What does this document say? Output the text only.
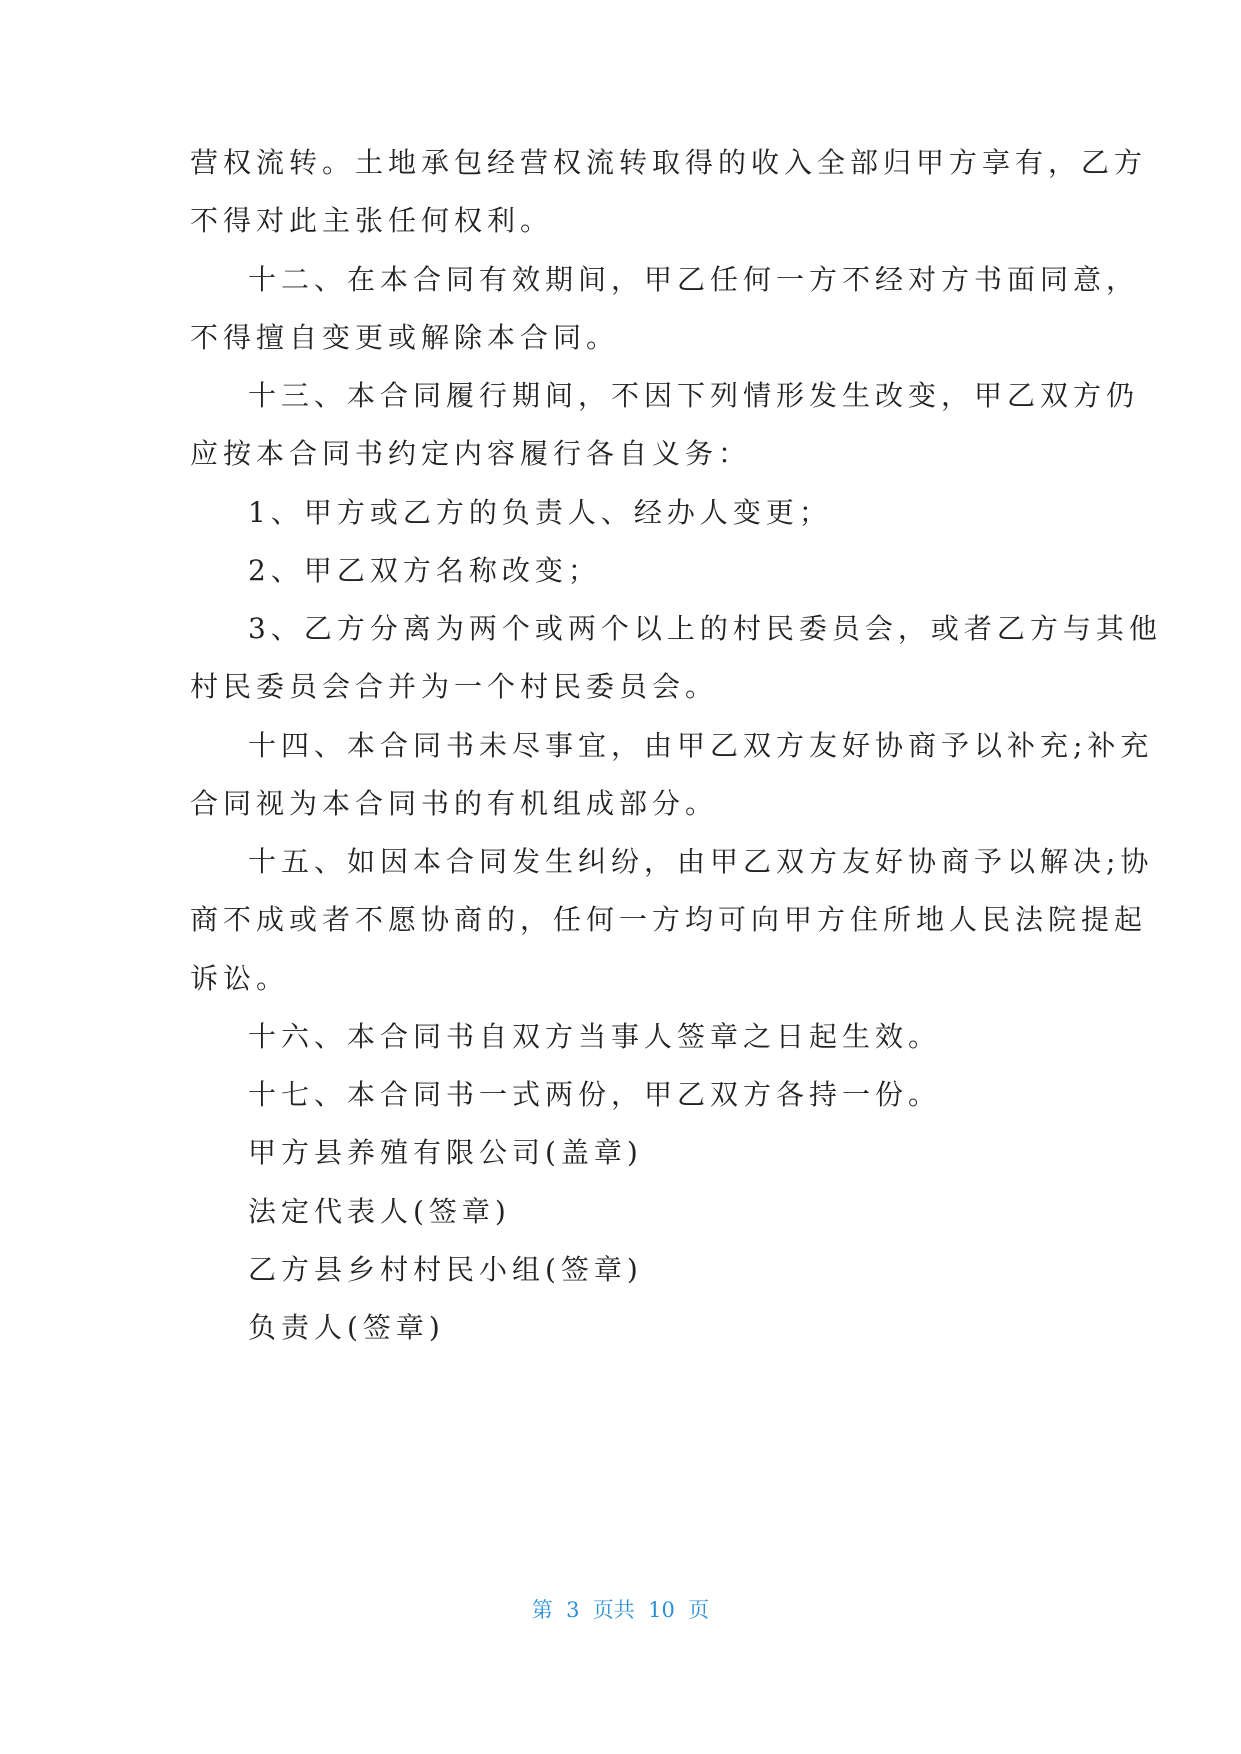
营权流转。土地承包经营权流转取得的收入全部归甲方享有，乙方
不得对此主张任何权利。
十二、在本合同有效期间，甲乙任何一方不经对方书面同意，
不得擅自变更或解除本合同。
十三、本合同履行期间，不因下列情形发生改变，甲乙双方仍
应按本合同书约定内容履行各自义务：
1、甲方或乙方的负责人、经办人变更；
2、甲乙双方名称改变；
3、乙方分离为两个或两个以上的村民委员会，或者乙方与其他
村民委员会合并为一个村民委员会。
十四、本合同书未尽事宜，由甲乙双方友好协商予以补充;补充
合同视为本合同书的有机组成部分。
十五、如因本合同发生纠纷，由甲乙双方友好协商予以解决;协
商不成或者不愿协商的，任何一方均可向甲方住所地人民法院提起
诉讼。
十六、本合同书自双方当事人签章之日起生效。
十七、本合同书一式两份，甲乙双方各持一份。
甲方县养殖有限公司(盖章)
法定代表人(签章)
乙方县乡村村民小组(签章)
负责人(签章)
第  3  页共  10  页
